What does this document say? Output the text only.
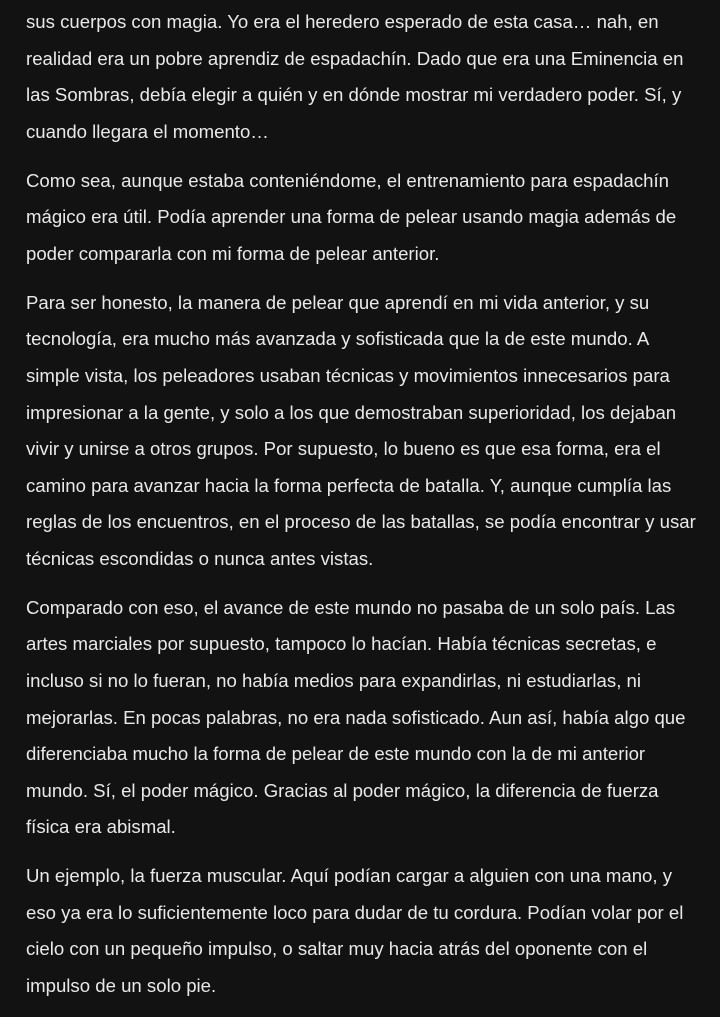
sus cuerpos con magia. Yo era el heredero esperado de esta casa… nah, en realidad era un pobre aprendiz de espadachín. Dado que era una Eminencia en las Sombras, debía elegir a quién y en dónde mostrar mi verdadero poder. Sí, y cuando llegara el momento…

Como sea, aunque estaba conteniéndome, el entrenamiento para espadachín mágico era útil. Podía aprender una forma de pelear usando magia además de poder compararla con mi forma de pelear anterior.

Para ser honesto, la manera de pelear que aprendí en mi vida anterior, y su tecnología, era mucho más avanzada y sofisticada que la de este mundo. A simple vista, los peleadores usaban técnicas y movimientos innecesarios para impresionar a la gente, y solo a los que demostraban superioridad, los dejaban vivir y unirse a otros grupos. Por supuesto, lo bueno es que esa forma, era el camino para avanzar hacia la forma perfecta de batalla. Y, aunque cumplía las reglas de los encuentros, en el proceso de las batallas, se podía encontrar y usar técnicas escondidas o nunca antes vistas.

Comparado con eso, el avance de este mundo no pasaba de un solo país. Las artes marciales por supuesto, tampoco lo hacían. Había técnicas secretas, e incluso si no lo fueran, no había medios para expandirlas, ni estudiarlas, ni mejorarlas. En pocas palabras, no era nada sofisticado. Aun así, había algo que diferenciaba mucho la forma de pelear de este mundo con la de mi anterior mundo. Sí, el poder mágico. Gracias al poder mágico, la diferencia de fuerza física era abismal.

Un ejemplo, la fuerza muscular. Aquí podían cargar a alguien con una mano, y eso ya era lo suficientemente loco para dudar de tu cordura. Podían volar por el cielo con un pequeño impulso, o saltar muy hacia atrás del oponente con el impulso de un solo pie.
